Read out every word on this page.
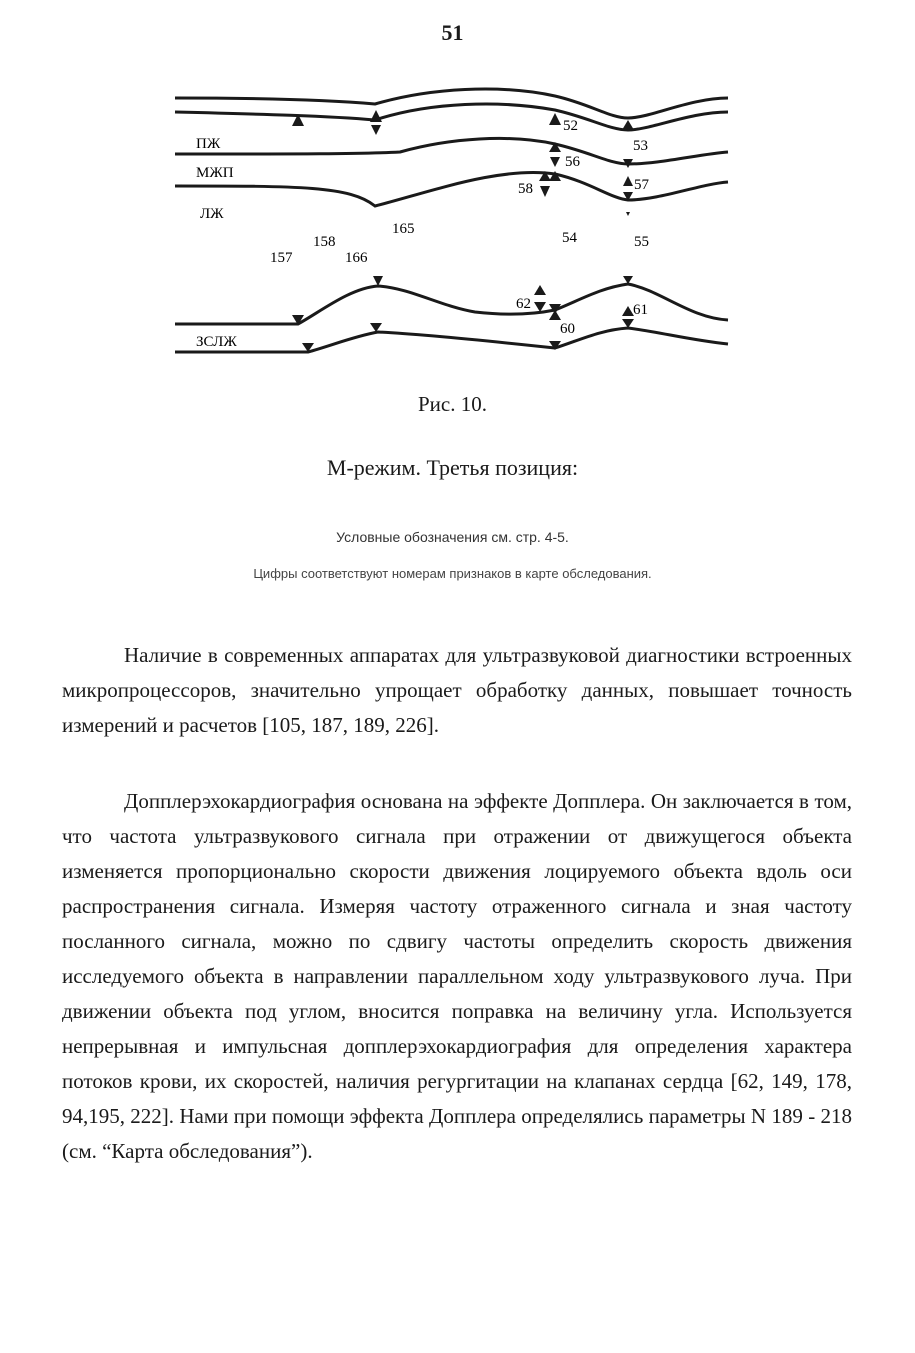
51
ПЖ
МЖП
ЛЖ
ЗСЛЖ
52
53
56
57
58
165
158
157	166
54	55
62
60
61
Рис. 10.
М-режим. Третья позиция:
Условные обозначения см. стр. 4-5.
Цифры соответствуют номерам признаков в карте обследования.

Наличие в современных аппаратах для ультразвуковой диагностики встроенных микропроцессоров, значительно упрощает обработку данных, повышает точность измерений и расчетов [105, 187, 189, 226].

Допплерэхокардиография основана на эффекте Допплера. Он заключается в том, что частота ультразвукового сигнала при отражении от движущегося объекта изменяется пропорционально скорости движения лоцируемого объекта вдоль оси распространения сигнала. Измеряя частоту отраженного сигнала и зная частоту посланного сигнала, можно по сдвигу частоты определить скорость движения исследуемого объекта в направлении параллельном ходу ультразвукового луча. При движении объекта под углом, вносится поправка на величину угла. Используется непрерывная и импульсная допплерэхокардиография для определения характера потоков крови, их скоростей, наличия регургитации на клапанах сердца [62, 149, 178, 94,195, 222]. Нами при помощи эффекта Допплера определялись параметры N 189 - 218 (см. “Карта обследования”).
